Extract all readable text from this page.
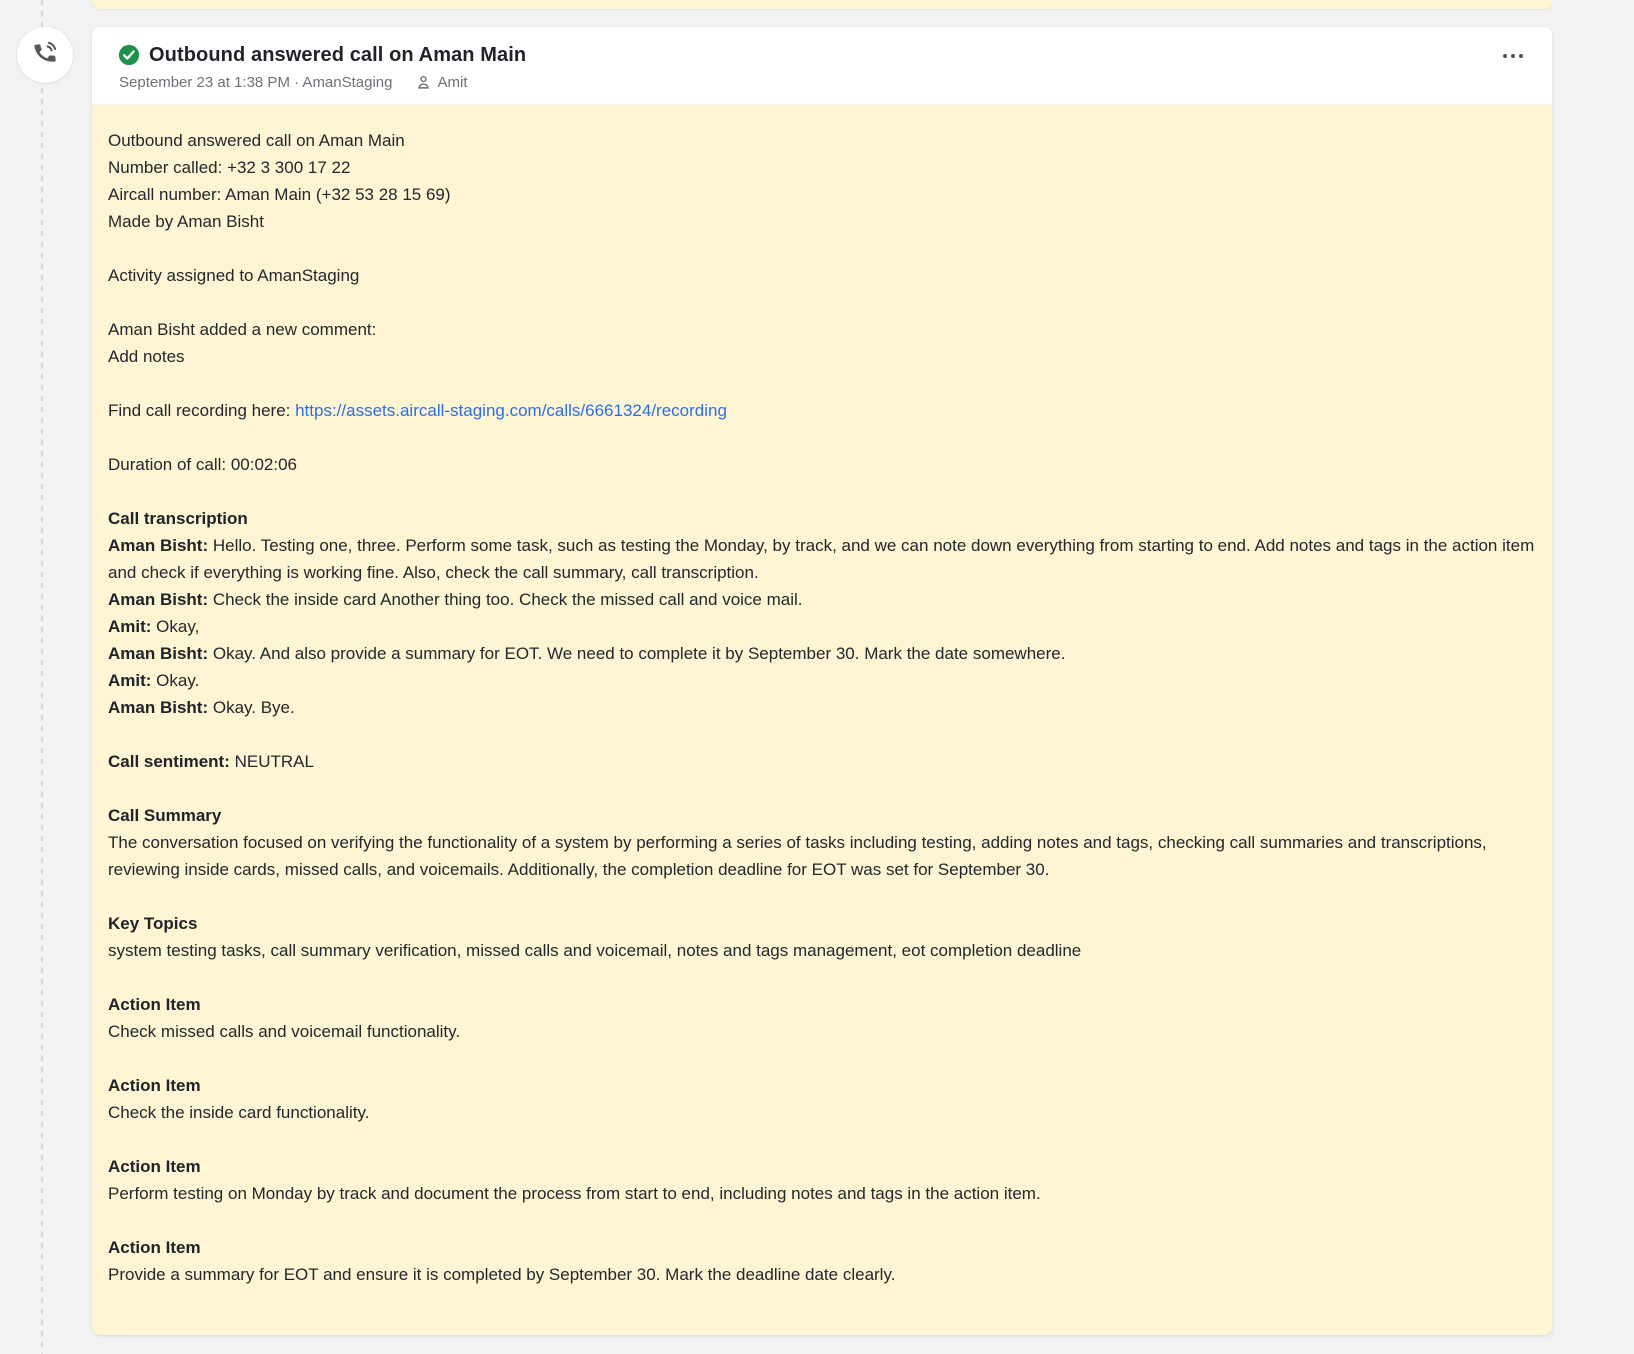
Outbound answered call on Aman Main
September 23 at 1:38 PM · AmanStaging	Amit
Outbound answered call on Aman Main
Number called: +32 3 300 17 22
Aircall number: Aman Main (+32 53 28 15 69)
Made by Aman Bisht
Activity assigned to AmanStaging
Aman Bisht added a new comment:
Add notes
Find call recording here: https://assets.aircall-staging.com/calls/6661324/recording
Duration of call: 00:02:06
Call transcription
Aman Bisht: Hello. Testing one, three. Perform some task, such as testing the Monday, by track, and we can note down everything from starting to end. Add notes and tags in the action item and check if everything is working fine. Also, check the call summary, call transcription.
Aman Bisht: Check the inside card Another thing too. Check the missed call and voice mail.
Amit: Okay,
Aman Bisht: Okay. And also provide a summary for EOT. We need to complete it by September 30. Mark the date somewhere.
Amit: Okay.
Aman Bisht: Okay. Bye.
Call sentiment: NEUTRAL
Call Summary
The conversation focused on verifying the functionality of a system by performing a series of tasks including testing, adding notes and tags, checking call summaries and transcriptions, reviewing inside cards, missed calls, and voicemails. Additionally, the completion deadline for EOT was set for September 30.
Key Topics
system testing tasks, call summary verification, missed calls and voicemail, notes and tags management, eot completion deadline
Action Item
Check missed calls and voicemail functionality.
Action Item
Check the inside card functionality.
Action Item
Perform testing on Monday by track and document the process from start to end, including notes and tags in the action item.
Action Item
Provide a summary for EOT and ensure it is completed by September 30. Mark the deadline date clearly.
